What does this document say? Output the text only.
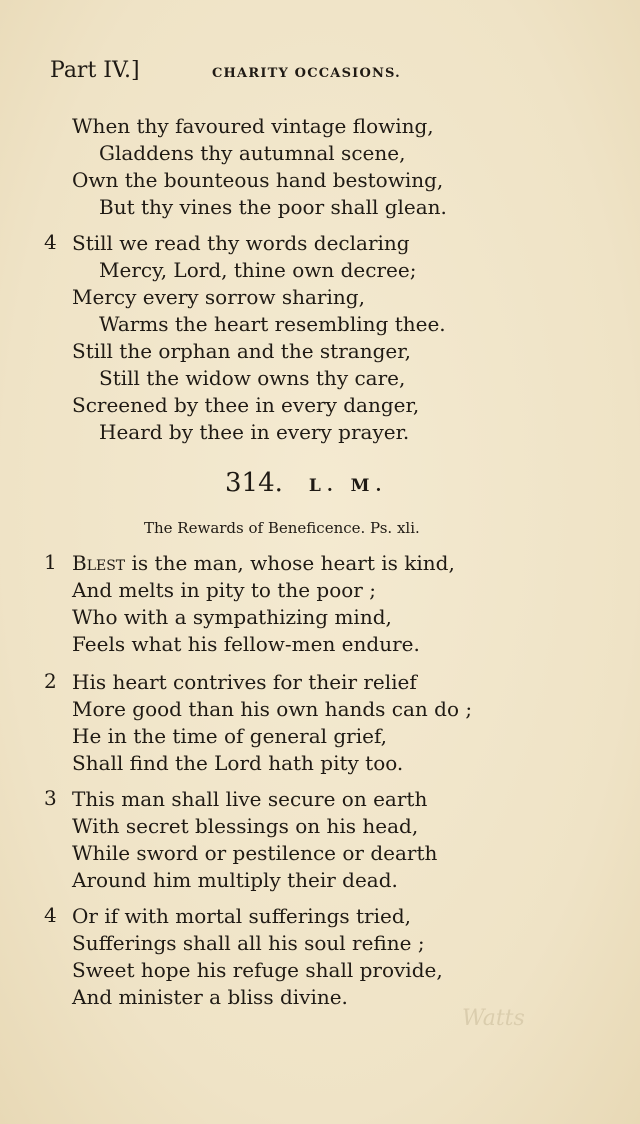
Part IV.]	CHARITY OCCASIONS.
When thy favoured vintage flowing,
Gladdens thy autumnal scene,
Own the bounteous hand bestowing,
But thy vines the poor shall glean.
4 Still we read thy words declaring
Mercy, Lord, thine own decree;
Mercy every sorrow sharing,
Warms the heart resembling thee.
Still the orphan and the stranger,
Still the widow owns thy care,
Screened by thee in every danger,
Heard by thee in every prayer.
314. L. M.
The Rewards of Beneficence. Ps. xli.
1 Blest is the man, whose heart is kind,
And melts in pity to the poor ;
Who with a sympathizing mind,
Feels what his fellow-men endure.
2 His heart contrives for their relief
More good than his own hands can do ;
He in the time of general grief,
Shall find the Lord hath pity too.
3 This man shall live secure on earth
With secret blessings on his head,
While sword or pestilence or dearth
Around him multiply their dead.
4 Or if with mortal sufferings tried,
Sufferings shall all his soul refine ;
Sweet hope his refuge shall provide,
And minister a bliss divine.
Watts
